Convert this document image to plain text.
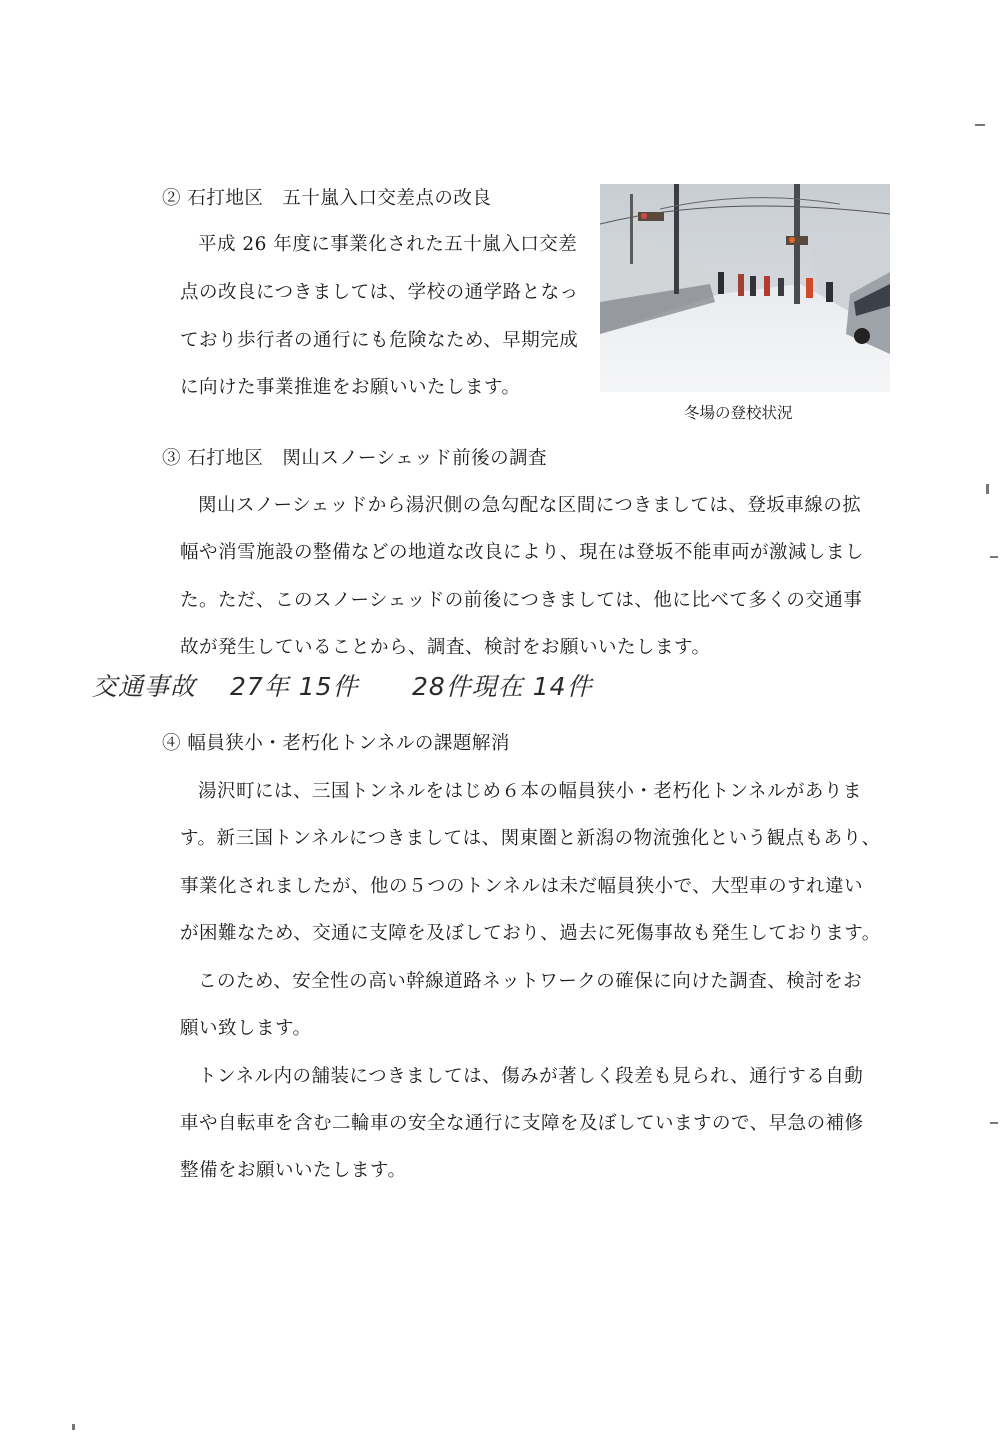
② 石打地区　五十嵐入口交差点の改良
平成 26 年度に事業化された五十嵐入口交差
点の改良につきましては、学校の通学路となっ
ており歩行者の通行にも危険なため、早期完成
に向けた事業推進をお願いいたします。
冬場の登校状況
③ 石打地区　関山スノーシェッド前後の調査
関山スノーシェッドから湯沢側の急勾配な区間につきましては、登坂車線の拡
幅や消雪施設の整備などの地道な改良により、現在は登坂不能車両が激減しまし
た。ただ、このスノーシェッドの前後につきましては、他に比べて多くの交通事
故が発生していることから、調査、検討をお願いいたします。
交通事故 27年 15件 28件現在 14件
④ 幅員狭小・老朽化トンネルの課題解消
湯沢町には、三国トンネルをはじめ６本の幅員狭小・老朽化トンネルがありま
す。新三国トンネルにつきましては、関東圏と新潟の物流強化という観点もあり、
事業化されましたが、他の５つのトンネルは未だ幅員狭小で、大型車のすれ違い
が困難なため、交通に支障を及ぼしており、過去に死傷事故も発生しております。
このため、安全性の高い幹線道路ネットワークの確保に向けた調査、検討をお
願い致します。
トンネル内の舗装につきましては、傷みが著しく段差も見られ、通行する自動
車や自転車を含む二輪車の安全な通行に支障を及ぼしていますので、早急の補修
整備をお願いいたします。
